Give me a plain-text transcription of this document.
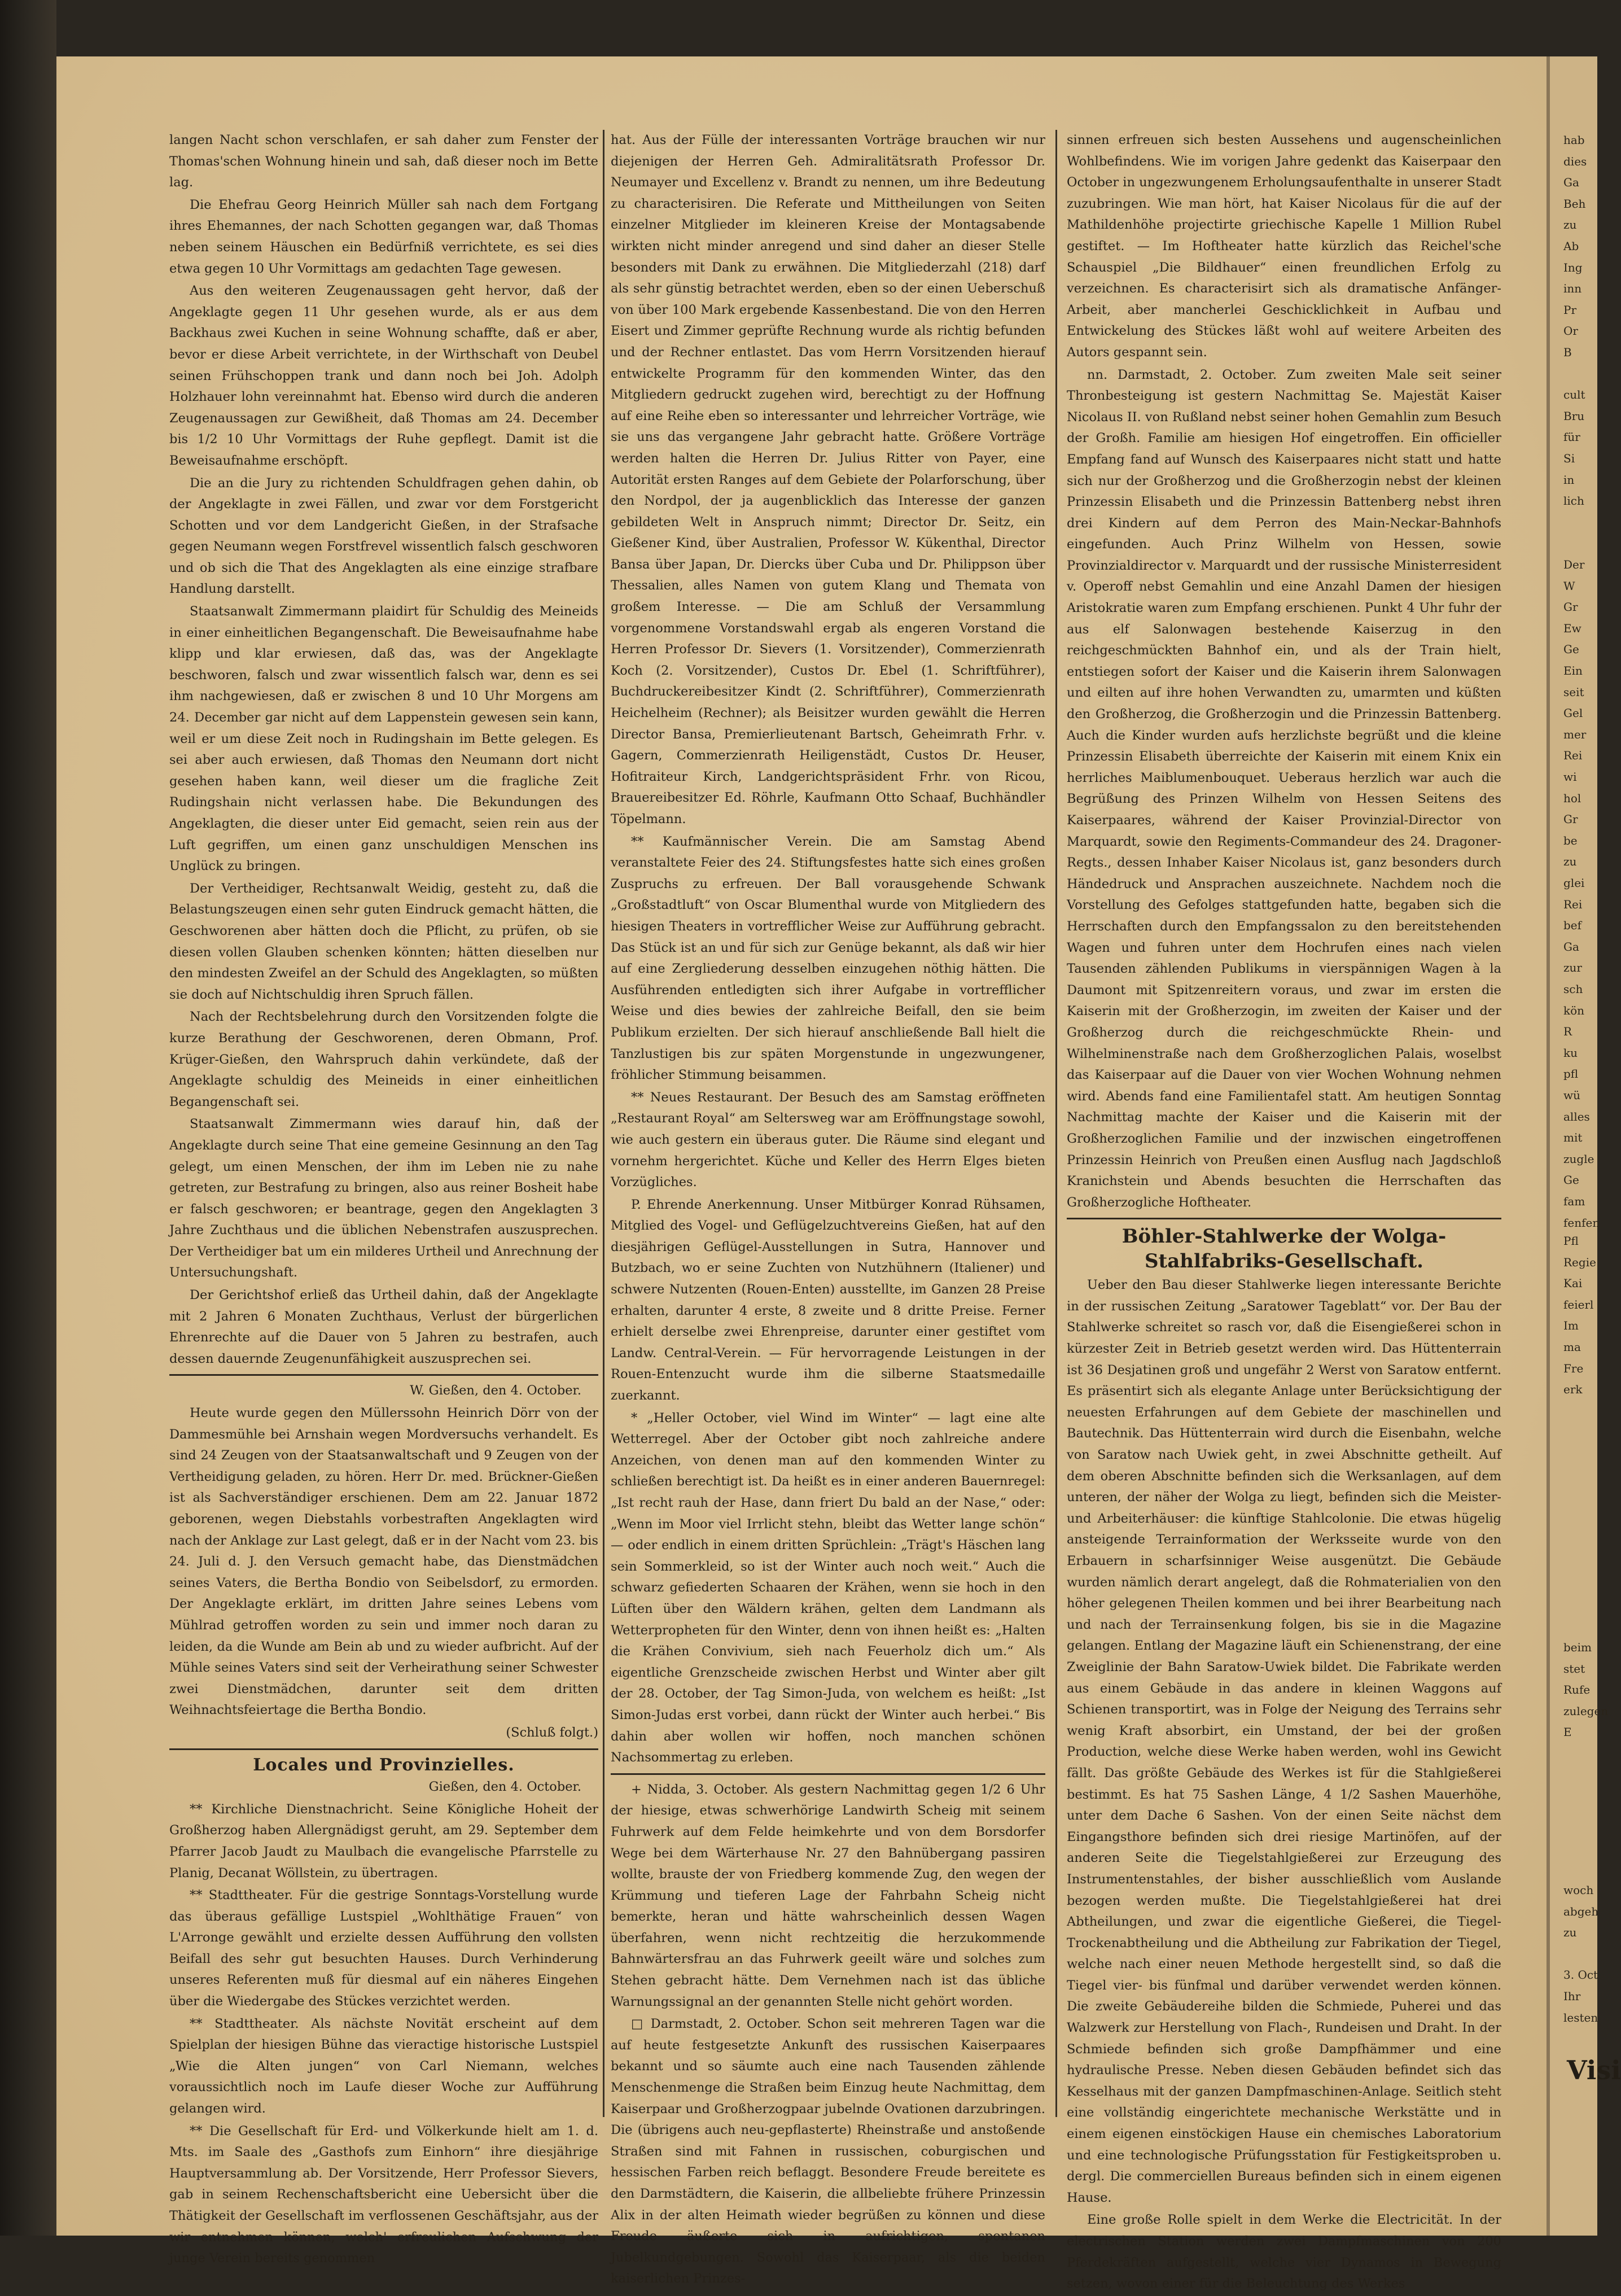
langen Nacht schon verschlafen, er sah daher zum Fenster der Thomas'schen Wohnung hinein und sah, daß dieser noch im Bette lag.

Die Ehefrau Georg Heinrich Müller sah nach dem Fortgang ihres Ehemannes, der nach Schotten gegangen war, daß Thomas neben seinem Häuschen ein Bedürfniß verrichtete, es sei dies etwa gegen 10 Uhr Vormittags am gedachten Tage gewesen.

Aus den weiteren Zeugenaussagen geht hervor, daß der Angeklagte gegen 11 Uhr gesehen wurde, als er aus dem Backhaus zwei Kuchen in seine Wohnung schaffte, daß er aber, bevor er diese Arbeit verrichtete, in der Wirthschaft von Deubel seinen Frühschoppen trank und dann noch bei Joh. Adolph Holzhauer lohn vereinnahmt hat. Ebenso wird durch die anderen Zeugenaussagen zur Gewißheit, daß Thomas am 24. December bis 1/2 10 Uhr Vormittags der Ruhe gepflegt. Damit ist die Beweisaufnahme erschöpft.

Die an die Jury zu richtenden Schuldfragen gehen dahin, ob der Angeklagte in zwei Fällen, und zwar vor dem Forstgericht Schotten und vor dem Landgericht Gießen, in der Strafsache gegen Neumann wegen Forstfrevel wissentlich falsch geschworen und ob sich die That des Angeklagten als eine einzige strafbare Handlung darstellt.

Staatsanwalt Zimmermann plaidirt für Schuldig des Meineids in einer einheitlichen Begangenschaft. Die Beweisaufnahme habe klipp und klar erwiesen, daß das, was der Angeklagte beschworen, falsch und zwar wissentlich falsch war, denn es sei ihm nachgewiesen, daß er zwischen 8 und 10 Uhr Morgens am 24. December gar nicht auf dem Lappenstein gewesen sein kann, weil er um diese Zeit noch in Rudingshain im Bette gelegen. Es sei aber auch erwiesen, daß Thomas den Neumann dort nicht gesehen haben kann, weil dieser um die fragliche Zeit Rudingshain nicht verlassen habe. Die Bekundungen des Angeklagten, die dieser unter Eid gemacht, seien rein aus der Luft gegriffen, um einen ganz unschuldigen Menschen ins Unglück zu bringen.

Der Vertheidiger, Rechtsanwalt Weidig, gesteht zu, daß die Belastungszeugen einen sehr guten Eindruck gemacht hätten, die Geschworenen aber hätten doch die Pflicht, zu prüfen, ob sie diesen vollen Glauben schenken könnten; hätten dieselben nur den mindesten Zweifel an der Schuld des Angeklagten, so müßten sie doch auf Nichtschuldig ihren Spruch fällen.

Nach der Rechtsbelehrung durch den Vorsitzenden folgte die kurze Berathung der Geschworenen, deren Obmann, Prof. Krüger-Gießen, den Wahrspruch dahin verkündete, daß der Angeklagte schuldig des Meineids in einer einheitlichen Begangenschaft sei.

Staatsanwalt Zimmermann wies darauf hin, daß der Angeklagte durch seine That eine gemeine Gesinnung an den Tag gelegt, um einen Menschen, der ihm im Leben nie zu nahe getreten, zur Bestrafung zu bringen, also aus reiner Bosheit habe er falsch geschworen; er beantrage, gegen den Angeklagten 3 Jahre Zuchthaus und die üblichen Nebenstrafen auszusprechen. Der Vertheidiger bat um ein milderes Urtheil und Anrechnung der Untersuchungshaft.

Der Gerichtshof erließ das Urtheil dahin, daß der Angeklagte mit 2 Jahren 6 Monaten Zuchthaus, Verlust der bürgerlichen Ehrenrechte auf die Dauer von 5 Jahren zu bestrafen, auch dessen dauernde Zeugenunfähigkeit auszusprechen sei.

W. Gießen, den 4. October.

Heute wurde gegen den Müllerssohn Heinrich Dörr von der Dammesmühle bei Arnshain wegen Mordversuchs verhandelt. Es sind 24 Zeugen von der Staatsanwaltschaft und 9 Zeugen von der Vertheidigung geladen, zu hören. Herr Dr. med. Brückner-Gießen ist als Sachverständiger erschienen. Dem am 22. Januar 1872 geborenen, wegen Diebstahls vorbestraften Angeklagten wird nach der Anklage zur Last gelegt, daß er in der Nacht vom 23. bis 24. Juli d. J. den Versuch gemacht habe, das Dienstmädchen seines Vaters, die Bertha Bondio von Seibelsdorf, zu ermorden. Der Angeklagte erklärt, im dritten Jahre seines Lebens vom Mühlrad getroffen worden zu sein und immer noch daran zu leiden, da die Wunde am Bein ab und zu wieder aufbricht. Auf der Mühle seines Vaters sind seit der Verheirathung seiner Schwester zwei Dienstmädchen, darunter seit dem dritten Weihnachtsfeiertage die Bertha Bondio.

(Schluß folgt.)

Locales und Provinzielles.

Gießen, den 4. October.

** Kirchliche Dienstnachricht. Seine Königliche Hoheit der Großherzog haben Allergnädigst geruht, am 29. September dem Pfarrer Jacob Jaudt zu Maulbach die evangelische Pfarrstelle zu Planig, Decanat Wöllstein, zu übertragen.

** Stadttheater. Für die gestrige Sonntags-Vorstellung wurde das überaus gefällige Lustspiel „Wohlthätige Frauen“ von L'Arronge gewählt und erzielte dessen Aufführung den vollsten Beifall des sehr gut besuchten Hauses. Durch Verhinderung unseres Referenten muß für diesmal auf ein näheres Eingehen über die Wiedergabe des Stückes verzichtet werden.

** Stadttheater. Als nächste Novität erscheint auf dem Spielplan der hiesigen Bühne das vieractige historische Lustspiel „Wie die Alten jungen“ von Carl Niemann, welches voraussichtlich noch im Laufe dieser Woche zur Aufführung gelangen wird.

** Die Gesellschaft für Erd- und Völkerkunde hielt am 1. d. Mts. im Saale des „Gasthofs zum Einhorn“ ihre diesjährige Hauptversammlung ab. Der Vorsitzende, Herr Professor Sievers, gab in seinem Rechenschaftsbericht eine Uebersicht über die Thätigkeit der Gesellschaft im verflossenen Geschäftsjahr, aus der wir entnehmen können, welch' erfreulichen Aufschwung der junge Verein bereits genommen

hat. Aus der Fülle der interessanten Vorträge brauchen wir nur diejenigen der Herren Geh. Admiralitätsrath Professor Dr. Neumayer und Excellenz v. Brandt zu nennen, um ihre Bedeutung zu characterisiren. Die Referate und Mittheilungen von Seiten einzelner Mitglieder im kleineren Kreise der Montagsabende wirkten nicht minder anregend und sind daher an dieser Stelle besonders mit Dank zu erwähnen. Die Mitgliederzahl (218) darf als sehr günstig betrachtet werden, eben so der einen Ueberschuß von über 100 Mark ergebende Kassenbestand. Die von den Herren Eisert und Zimmer geprüfte Rechnung wurde als richtig befunden und der Rechner entlastet. Das vom Herrn Vorsitzenden hierauf entwickelte Programm für den kommenden Winter, das den Mitgliedern gedruckt zugehen wird, berechtigt zu der Hoffnung auf eine Reihe eben so interessanter und lehrreicher Vorträge, wie sie uns das vergangene Jahr gebracht hatte. Größere Vorträge werden halten die Herren Dr. Julius Ritter von Payer, eine Autorität ersten Ranges auf dem Gebiete der Polarforschung, über den Nordpol, der ja augenblicklich das Interesse der ganzen gebildeten Welt in Anspruch nimmt; Director Dr. Seitz, ein Gießener Kind, über Australien, Professor W. Kükenthal, Director Bansa über Japan, Dr. Diercks über Cuba und Dr. Philippson über Thessalien, alles Namen von gutem Klang und Themata von großem Interesse. — Die am Schluß der Versammlung vorgenommene Vorstandswahl ergab als engeren Vorstand die Herren Professor Dr. Sievers (1. Vorsitzender), Commerzienrath Koch (2. Vorsitzender), Custos Dr. Ebel (1. Schriftführer), Buchdruckereibesitzer Kindt (2. Schriftführer), Commerzienrath Heichelheim (Rechner); als Beisitzer wurden gewählt die Herren Director Bansa, Premierlieutenant Bartsch, Geheimrath Frhr. v. Gagern, Commerzienrath Heiligenstädt, Custos Dr. Heuser, Hofitraiteur Kirch, Landgerichtspräsident Frhr. von Ricou, Brauereibesitzer Ed. Röhrle, Kaufmann Otto Schaaf, Buchhändler Töpelmann.

** Kaufmännischer Verein. Die am Samstag Abend veranstaltete Feier des 24. Stiftungsfestes hatte sich eines großen Zuspruchs zu erfreuen. Der Ball vorausgehende Schwank „Großstadtluft“ von Oscar Blumenthal wurde von Mitgliedern des hiesigen Theaters in vortrefflicher Weise zur Aufführung gebracht. Das Stück ist an und für sich zur Genüge bekannt, als daß wir hier auf eine Zergliederung desselben einzugehen nöthig hätten. Die Ausführenden entledigten sich ihrer Aufgabe in vortrefflicher Weise und dies bewies der zahlreiche Beifall, den sie beim Publikum erzielten. Der sich hierauf anschließende Ball hielt die Tanzlustigen bis zur späten Morgenstunde in ungezwungener, fröhlicher Stimmung beisammen.

** Neues Restaurant. Der Besuch des am Samstag eröffneten „Restaurant Royal“ am Seltersweg war am Eröffnungstage sowohl, wie auch gestern ein überaus guter. Die Räume sind elegant und vornehm hergerichtet. Küche und Keller des Herrn Elges bieten Vorzügliches.

P. Ehrende Anerkennung. Unser Mitbürger Konrad Rühsamen, Mitglied des Vogel- und Geflügelzuchtvereins Gießen, hat auf den diesjährigen Geflügel-Ausstellungen in Sutra, Hannover und Butzbach, wo er seine Zuchten von Nutzhühnern (Italiener) und schwere Nutzenten (Rouen-Enten) ausstellte, im Ganzen 28 Preise erhalten, darunter 4 erste, 8 zweite und 8 dritte Preise. Ferner erhielt derselbe zwei Ehrenpreise, darunter einer gestiftet vom Landw. Central-Verein. — Für hervorragende Leistungen in der Rouen-Entenzucht wurde ihm die silberne Staatsmedaille zuerkannt.

* „Heller October, viel Wind im Winter“ — lagt eine alte Wetterregel. Aber der October gibt noch zahlreiche andere Anzeichen, von denen man auf den kommenden Winter zu schließen berechtigt ist. Da heißt es in einer anderen Bauernregel: „Ist recht rauh der Hase, dann friert Du bald an der Nase,“ oder: „Wenn im Moor viel Irrlicht stehn, bleibt das Wetter lange schön“ — oder endlich in einem dritten Sprüchlein: „Trägt's Häschen lang sein Sommerkleid, so ist der Winter auch noch weit.“ Auch die schwarz gefiederten Schaaren der Krähen, wenn sie hoch in den Lüften über den Wäldern krähen, gelten dem Landmann als Wetterpropheten für den Winter, denn von ihnen heißt es: „Halten die Krähen Convivium, sieh nach Feuerholz dich um.“ Als eigentliche Grenzscheide zwischen Herbst und Winter aber gilt der 28. October, der Tag Simon-Juda, von welchem es heißt: „Ist Simon-Judas erst vorbei, dann rückt der Winter auch herbei.“ Bis dahin aber wollen wir hoffen, noch manchen schönen Nachsommertag zu erleben.

+ Nidda, 3. October. Als gestern Nachmittag gegen 1/2 6 Uhr der hiesige, etwas schwerhörige Landwirth Scheig mit seinem Fuhrwerk auf dem Felde heimkehrte und von dem Borsdorfer Wege bei dem Wärterhause Nr. 27 den Bahnübergang passiren wollte, brauste der von Friedberg kommende Zug, den wegen der Krümmung und tieferen Lage der Fahrbahn Scheig nicht bemerkte, heran und hätte wahrscheinlich dessen Wagen überfahren, wenn nicht rechtzeitig die herzukommende Bahnwärtersfrau an das Fuhrwerk geeilt wäre und solches zum Stehen gebracht hätte. Dem Vernehmen nach ist das übliche Warnungssignal an der genannten Stelle nicht gehört worden.

□ Darmstadt, 2. October. Schon seit mehreren Tagen war die auf heute festgesetzte Ankunft des russischen Kaiserpaares bekannt und so säumte auch eine nach Tausenden zählende Menschenmenge die Straßen beim Einzug heute Nachmittag, dem Kaiserpaar und Großherzogpaar jubelnde Ovationen darzubringen. Die (übrigens auch neu-gepflasterte) Rheinstraße und anstoßende Straßen sind mit Fahnen in russischen, coburgischen und hessischen Farben reich beflaggt. Besondere Freude bereitete es den Darmstädtern, die Kaiserin, die allbeliebte frühere Prinzessin Alix in der alten Heimath wieder begrüßen zu können und diese Freude äußerte sich in aufrichtigen, spontanen Jubelkundgebungen. Sowohl das Kaiserpaar, als die beiden kaiserlichen Prinzes-

sinnen erfreuen sich besten Aussehens und augenscheinlichen Wohlbefindens. Wie im vorigen Jahre gedenkt das Kaiserpaar den October in ungezwungenem Erholungsaufenthalte in unserer Stadt zuzubringen. Wie man hört, hat Kaiser Nicolaus für die auf der Mathildenhöhe projectirte griechische Kapelle 1 Million Rubel gestiftet. — Im Hoftheater hatte kürzlich das Reichel'sche Schauspiel „Die Bildhauer“ einen freundlichen Erfolg zu verzeichnen. Es characterisirt sich als dramatische Anfänger-Arbeit, aber mancherlei Geschicklichkeit in Aufbau und Entwickelung des Stückes läßt wohl auf weitere Arbeiten des Autors gespannt sein.

nn. Darmstadt, 2. October. Zum zweiten Male seit seiner Thronbesteigung ist gestern Nachmittag Se. Majestät Kaiser Nicolaus II. von Rußland nebst seiner hohen Gemahlin zum Besuch der Großh. Familie am hiesigen Hof eingetroffen. Ein officieller Empfang fand auf Wunsch des Kaiserpaares nicht statt und hatte sich nur der Großherzog und die Großherzogin nebst der kleinen Prinzessin Elisabeth und die Prinzessin Battenberg nebst ihren drei Kindern auf dem Perron des Main-Neckar-Bahnhofs eingefunden. Auch Prinz Wilhelm von Hessen, sowie Provinzialdirector v. Marquardt und der russische Ministerresident v. Operoff nebst Gemahlin und eine Anzahl Damen der hiesigen Aristokratie waren zum Empfang erschienen. Punkt 4 Uhr fuhr der aus elf Salonwagen bestehende Kaiserzug in den reichgeschmückten Bahnhof ein, und als der Train hielt, entstiegen sofort der Kaiser und die Kaiserin ihrem Salonwagen und eilten auf ihre hohen Verwandten zu, umarmten und küßten den Großherzog, die Großherzogin und die Prinzessin Battenberg. Auch die Kinder wurden aufs herzlichste begrüßt und die kleine Prinzessin Elisabeth überreichte der Kaiserin mit einem Knix ein herrliches Maiblumenbouquet. Ueberaus herzlich war auch die Begrüßung des Prinzen Wilhelm von Hessen Seitens des Kaiserpaares, während der Kaiser Provinzial-Director von Marquardt, sowie den Regiments-Commandeur des 24. Dragoner-Regts., dessen Inhaber Kaiser Nicolaus ist, ganz besonders durch Händedruck und Ansprachen auszeichnete. Nachdem noch die Vorstellung des Gefolges stattgefunden hatte, begaben sich die Herrschaften durch den Empfangssalon zu den bereitstehenden Wagen und fuhren unter dem Hochrufen eines nach vielen Tausenden zählenden Publikums in vierspännigen Wagen à la Daumont mit Spitzenreitern voraus, und zwar im ersten die Kaiserin mit der Großherzogin, im zweiten der Kaiser und der Großherzog durch die reichgeschmückte Rhein- und Wilhelminenstraße nach dem Großherzoglichen Palais, woselbst das Kaiserpaar auf die Dauer von vier Wochen Wohnung nehmen wird. Abends fand eine Familientafel statt. Am heutigen Sonntag Nachmittag machte der Kaiser und die Kaiserin mit der Großherzoglichen Familie und der inzwischen eingetroffenen Prinzessin Heinrich von Preußen einen Ausflug nach Jagdschloß Kranichstein und Abends besuchten die Herrschaften das Großherzogliche Hoftheater.

Böhler-Stahlwerke der Wolga-Stahlfabriks-Gesellschaft.

Ueber den Bau dieser Stahlwerke liegen interessante Berichte in der russischen Zeitung „Saratower Tageblatt“ vor. Der Bau der Stahlwerke schreitet so rasch vor, daß die Eisengießerei schon in kürzester Zeit in Betrieb gesetzt werden wird. Das Hüttenterrain ist 36 Desjatinen groß und ungefähr 2 Werst von Saratow entfernt. Es präsentirt sich als elegante Anlage unter Berücksichtigung der neuesten Erfahrungen auf dem Gebiete der maschinellen und Bautechnik. Das Hüttenterrain wird durch die Eisenbahn, welche von Saratow nach Uwiek geht, in zwei Abschnitte getheilt. Auf dem oberen Abschnitte befinden sich die Werksanlagen, auf dem unteren, der näher der Wolga zu liegt, befinden sich die Meister- und Arbeiterhäuser: die künftige Stahlcolonie. Die etwas hügelig ansteigende Terrainformation der Werksseite wurde von den Erbauern in scharfsinniger Weise ausgenützt. Die Gebäude wurden nämlich derart angelegt, daß die Rohmaterialien von den höher gelegenen Theilen kommen und bei ihrer Bearbeitung nach und nach der Terrainsenkung folgen, bis sie in die Magazine gelangen. Entlang der Magazine läuft ein Schienenstrang, der eine Zweiglinie der Bahn Saratow-Uwiek bildet. Die Fabrikate werden aus einem Gebäude in das andere in kleinen Waggons auf Schienen transportirt, was in Folge der Neigung des Terrains sehr wenig Kraft absorbirt, ein Umstand, der bei der großen Production, welche diese Werke haben werden, wohl ins Gewicht fällt. Das größte Gebäude des Werkes ist für die Stahlgießerei bestimmt. Es hat 75 Sashen Länge, 4 1/2 Sashen Mauerhöhe, unter dem Dache 6 Sashen. Von der einen Seite nächst dem Eingangsthore befinden sich drei riesige Martinöfen, auf der anderen Seite die Tiegelstahlgießerei zur Erzeugung des Instrumentenstahles, der bisher ausschließlich vom Auslande bezogen werden mußte. Die Tiegelstahlgießerei hat drei Abtheilungen, und zwar die eigentliche Gießerei, die Tiegel-Trockenabtheilung und die Abtheilung zur Fabrikation der Tiegel, welche nach einer neuen Methode hergestellt sind, so daß die Tiegel vier- bis fünfmal und darüber verwendet werden können. Die zweite Gebäudereihe bilden die Schmiede, Puherei und das Walzwerk zur Herstellung von Flach-, Rundeisen und Draht. In der Schmiede befinden sich große Dampfhämmer und eine hydraulische Presse. Neben diesen Gebäuden befindet sich das Kesselhaus mit der ganzen Dampfmaschinen-Anlage. Seitlich steht eine vollständig eingerichtete mechanische Werkstätte und in einem eigenen einstöckigen Hause ein chemisches Laboratorium und eine technologische Prüfungsstation für Festigkeitsproben u. dergl. Die commerciellen Bureaus befinden sich in einem eigenen Hause.

Eine große Rolle spielt in dem Werke die Electricität. In der electrischen Station werden zwei Dampfmaschinen von 200 Pferdekräften aufgestellt, welche vier Dynamos in Bewegung setzen, wovon einer für die Beleuchtung des Werkes

hab
dies
Ga
Beh
zu
Ab
Ing
inn
Pr
Or
B
cult
Bru
für
Si
in
lich
Der
W
Gr
Ew
Ge
Ein
seit
Gel
mer
Rei
wi
hol
Gr
be
zu
glei
Rei
bef
Ga
zur
sch
kön
R
ku
pfl
wü
alles
mit
zugle
Ge
fam
fenfen
Pfl
Regie
Kai
feierl
Im
ma
Fre
erk
beim
stet
Rufe
zulegen
E
woch
abgeh
zu
3. Oct
Ihr
lesten
Visi
